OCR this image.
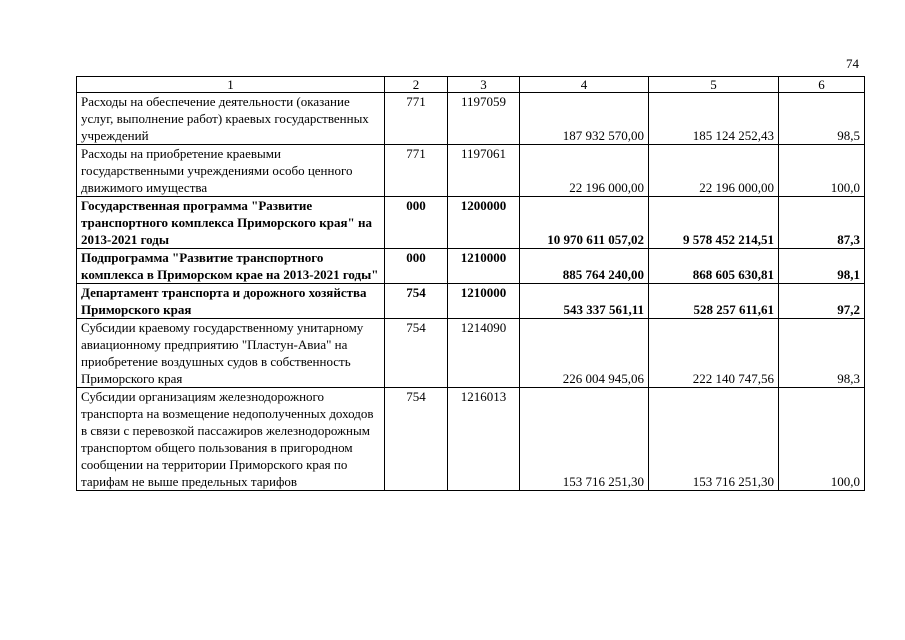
74
1	2	3	4	5	6
Расходы на обеспечение деятельности (оказание услуг, выполнение работ) краевых государственных учреждений	771	1197059	187 932 570,00	185 124 252,43	98,5
Расходы на приобретение краевыми государственными учреждениями особо ценного движимого имущества	771	1197061	22 196 000,00	22 196 000,00	100,0
Государственная программа "Развитие транспортного комплекса Приморского края" на 2013-2021 годы	000	1200000	10 970 611 057,02	9 578 452 214,51	87,3
Подпрограмма "Развитие транспортного комплекса в Приморском крае на 2013-2021 годы"	000	1210000	885 764 240,00	868 605 630,81	98,1
Департамент транспорта и дорожного хозяйства Приморского края	754	1210000	543 337 561,11	528 257 611,61	97,2
Субсидии краевому государственному унитарному авиационному предприятию "Пластун-Авиа" на приобретение воздушных судов в собственность Приморского края	754	1214090	226 004 945,06	222 140 747,56	98,3
Субсидии организациям железнодорожного транспорта на возмещение недополученных доходов в связи с перевозкой пассажиров железнодорожным транспортом общего пользования в пригородном сообщении на территории Приморского края по тарифам не выше предельных тарифов	754	1216013	153 716 251,30	153 716 251,30	100,0
